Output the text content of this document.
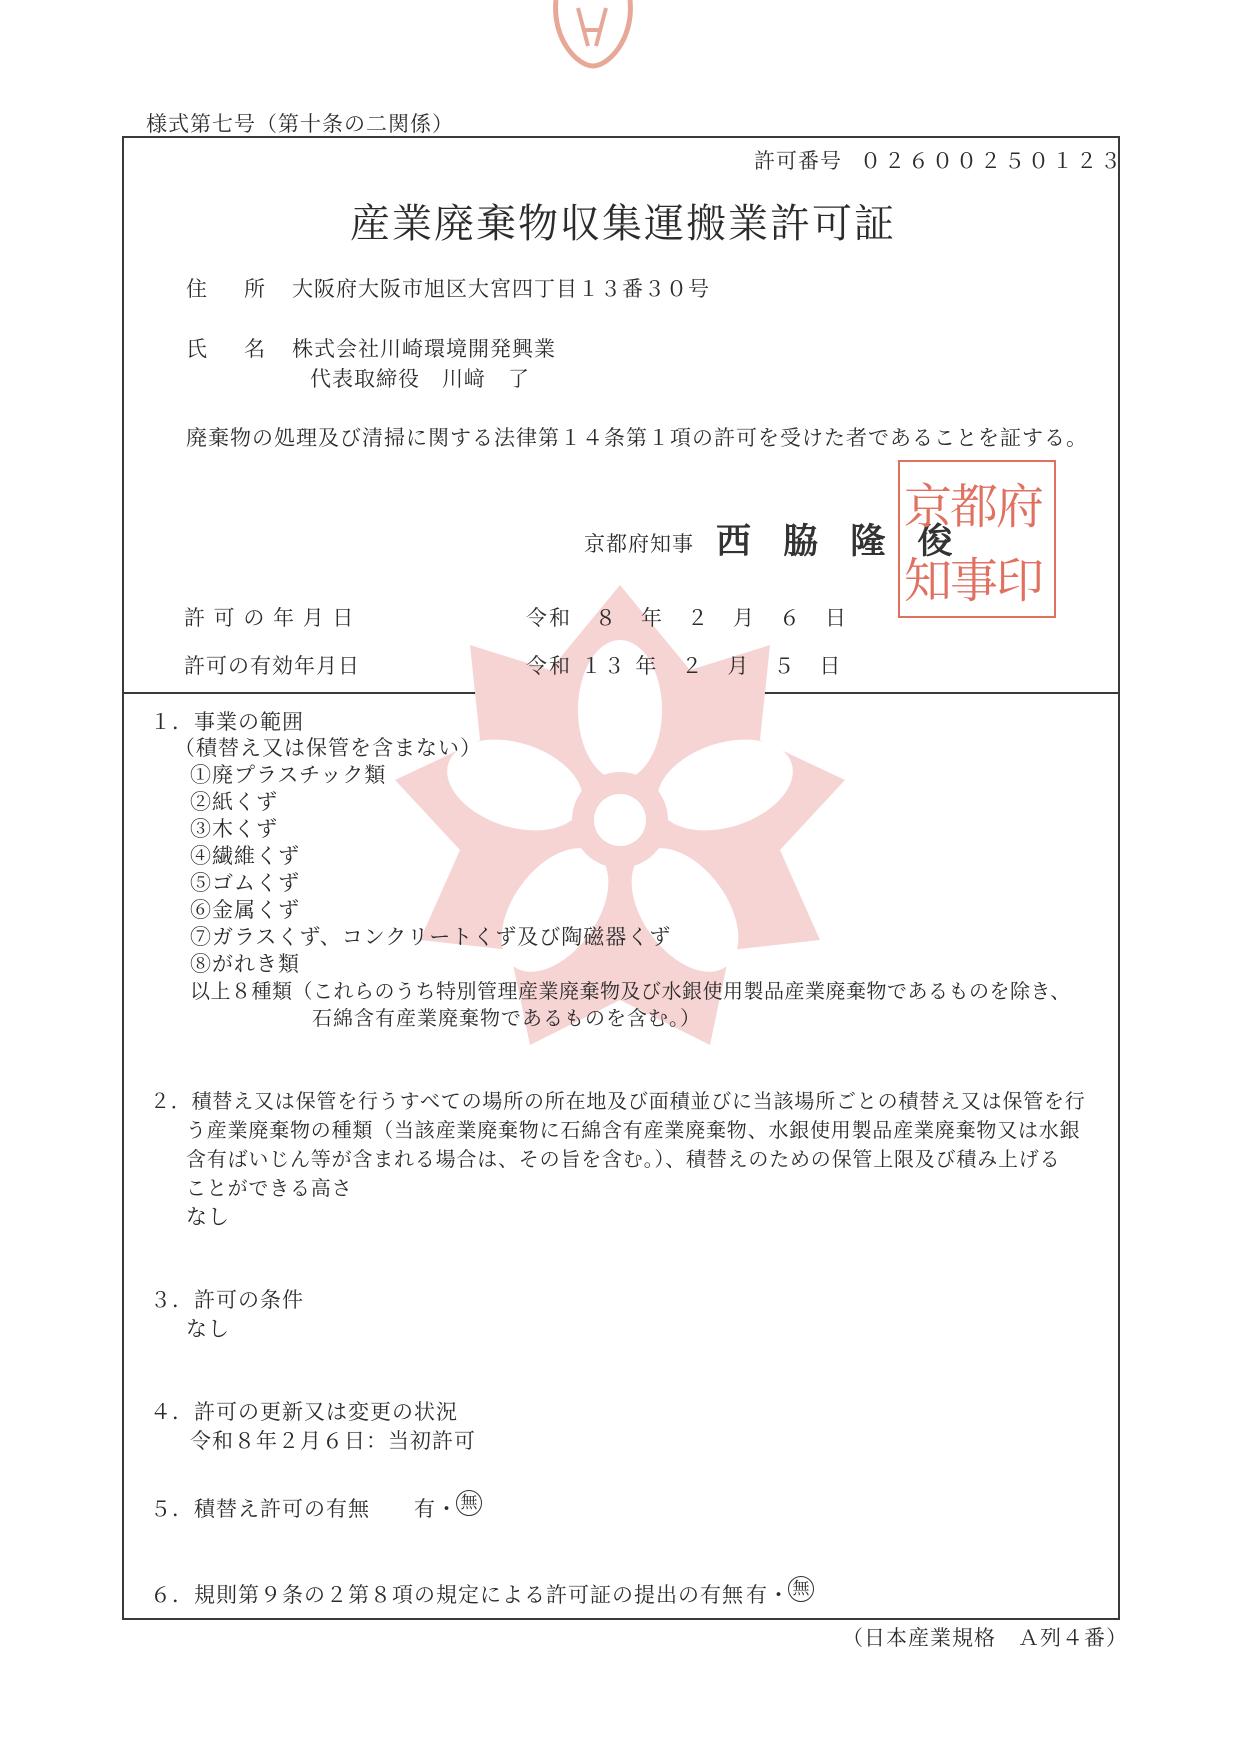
様式第七号（第十条の二関係）
許可番号 ０２６００２５０１２３
産業廃棄物収集運搬業許可証
住　所 大阪府大阪市旭区大宮四丁目１３番３０号
氏　名 株式会社川崎環境開発興業
代表取締役　川﨑　了
廃棄物の処理及び清掃に関する法律第１４条第１項の許可を受けた者であることを証する。
京都府知事 西 脇 隆 俊
京都府
知事印
許 可 の 年 月 日	令和　８　年　２　月　６　日
許可の有効年月日	令和 １３ 年　２　月　５　日
１．事業の範囲
（積替え又は保管を含まない）
①廃プラスチック類
②紙くず
③木くず
④繊維くず
⑤ゴムくず
⑥金属くず
⑦ガラスくず、コンクリートくず及び陶磁器くず
⑧がれき類
以上８種類（これらのうち特別管理産業廃棄物及び水銀使用製品産業廃棄物であるものを除き、
石綿含有産業廃棄物であるものを含む。）
２．積替え又は保管を行うすべての場所の所在地及び面積並びに当該場所ごとの積替え又は保管を行
う産業廃棄物の種類（当該産業廃棄物に石綿含有産業廃棄物、水銀使用製品産業廃棄物又は水銀
含有ばいじん等が含まれる場合は、その旨を含む。）、積替えのための保管上限及び積み上げる
ことができる高さ
なし
３．許可の条件
なし
４．許可の更新又は変更の状況
令和８年２月６日：当初許可
５．積替え許可の有無 有・ 無
６．規則第９条の２第８項の規定による許可証の提出の有無 有・ 無
（日本産業規格　Ａ列４番）
